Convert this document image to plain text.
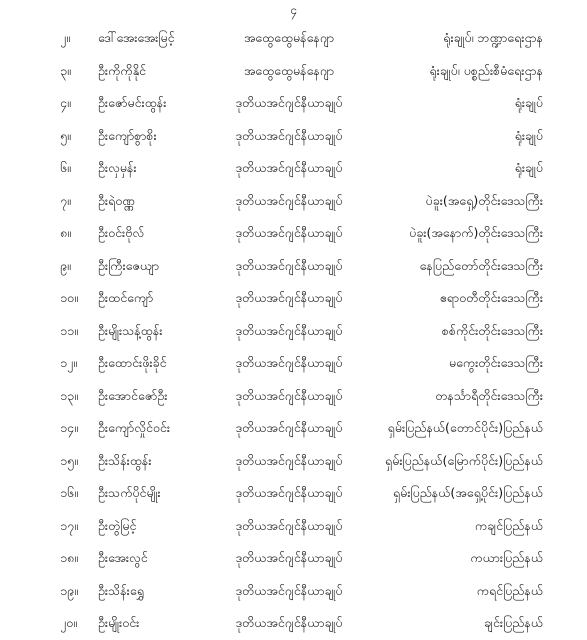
၄
၂။	ဒေါ်အေးအေးမြင့်	အထွေထွေမန်နေဂျာ	ရုံးချုပ်၊ ဘဏ္ဍာရေးဌာန
၃။	ဦးကိုကိုနိုင်	အထွေထွေမန်နေဂျာ	ရုံးချုပ်၊ ပစ္စည်းစီမံရေးဌာန
၄။	ဦးဇော်မင်းထွန်း	ဒုတိယအင်ဂျင်နီယာချုပ်	ရုံးချုပ်
၅။	ဦးကျော်စွာစိုး	ဒုတိယအင်ဂျင်နီယာချုပ်	ရုံးချုပ်
၆။	ဦးလှမှန်း	ဒုတိယအင်ဂျင်နီယာချုပ်	ရုံးချုပ်
၇။	ဦးရဲဝဏ္ဏ	ဒုတိယအင်ဂျင်နီယာချုပ်	ပဲခူး(အရှေ့)တိုင်းဒေသကြီး
၈။	ဦးဝင်းဗိုလ်	ဒုတိယအင်ဂျင်နီယာချုပ်	ပဲခူး(အနောက်)တိုင်းဒေသကြီး
၉။	ဦးကြီးဇေယျာ	ဒုတိယအင်ဂျင်နီယာချုပ်	နေပြည်တော်တိုင်းဒေသကြီး
၁၀။	ဦးထင်ကျော်	ဒုတိယအင်ဂျင်နီယာချုပ်	ဧရာဝတီတိုင်းဒေသကြီး
၁၁။	ဦးမျိုးသန့်ထွန်း	ဒုတိယအင်ဂျင်နီယာချုပ်	စစ်ကိုင်းတိုင်းဒေသကြီး
၁၂။	ဦးထောင်းဖိုးခိုင်	ဒုတိယအင်ဂျင်နီယာချုပ်	မကွေးတိုင်းဒေသကြီး
၁၃။	ဦးအောင်ဇော်ဦး	ဒုတိယအင်ဂျင်နီယာချုပ်	တနင်္သာရီတိုင်းဒေသကြီး
၁၄။	ဦးကျော်လှိုင်ဝင်း	ဒုတိယအင်ဂျင်နီယာချုပ်	ရှမ်းပြည်နယ်(တောင်ပိုင်း)ပြည်နယ်
၁၅။	ဦးသိန်းထွန်း	ဒုတိယအင်ဂျင်နီယာချုပ်	ရှမ်းပြည်နယ်(မြောက်ပိုင်း)ပြည်နယ်
၁၆။	ဦးသက်ပိုင်မျိုး	ဒုတိယအင်ဂျင်နီယာချုပ်	ရှမ်းပြည်နယ်(အရှေ့ပိုင်း)ပြည်နယ်
၁၇။	ဦးတွဲမြင့်	ဒုတိယအင်ဂျင်နီယာချုပ်	ကချင်ပြည်နယ်
၁၈။	ဦးအေးလွင်	ဒုတိယအင်ဂျင်နီယာချုပ်	ကယားပြည်နယ်
၁၉။	ဦးသိန်းရွှေ	ဒုတိယအင်ဂျင်နီယာချုပ်	ကရင်ပြည်နယ်
၂၀။	ဦးမျိုးဝင်း	ဒုတိယအင်ဂျင်နီယာချုပ်	ချင်းပြည်နယ်
